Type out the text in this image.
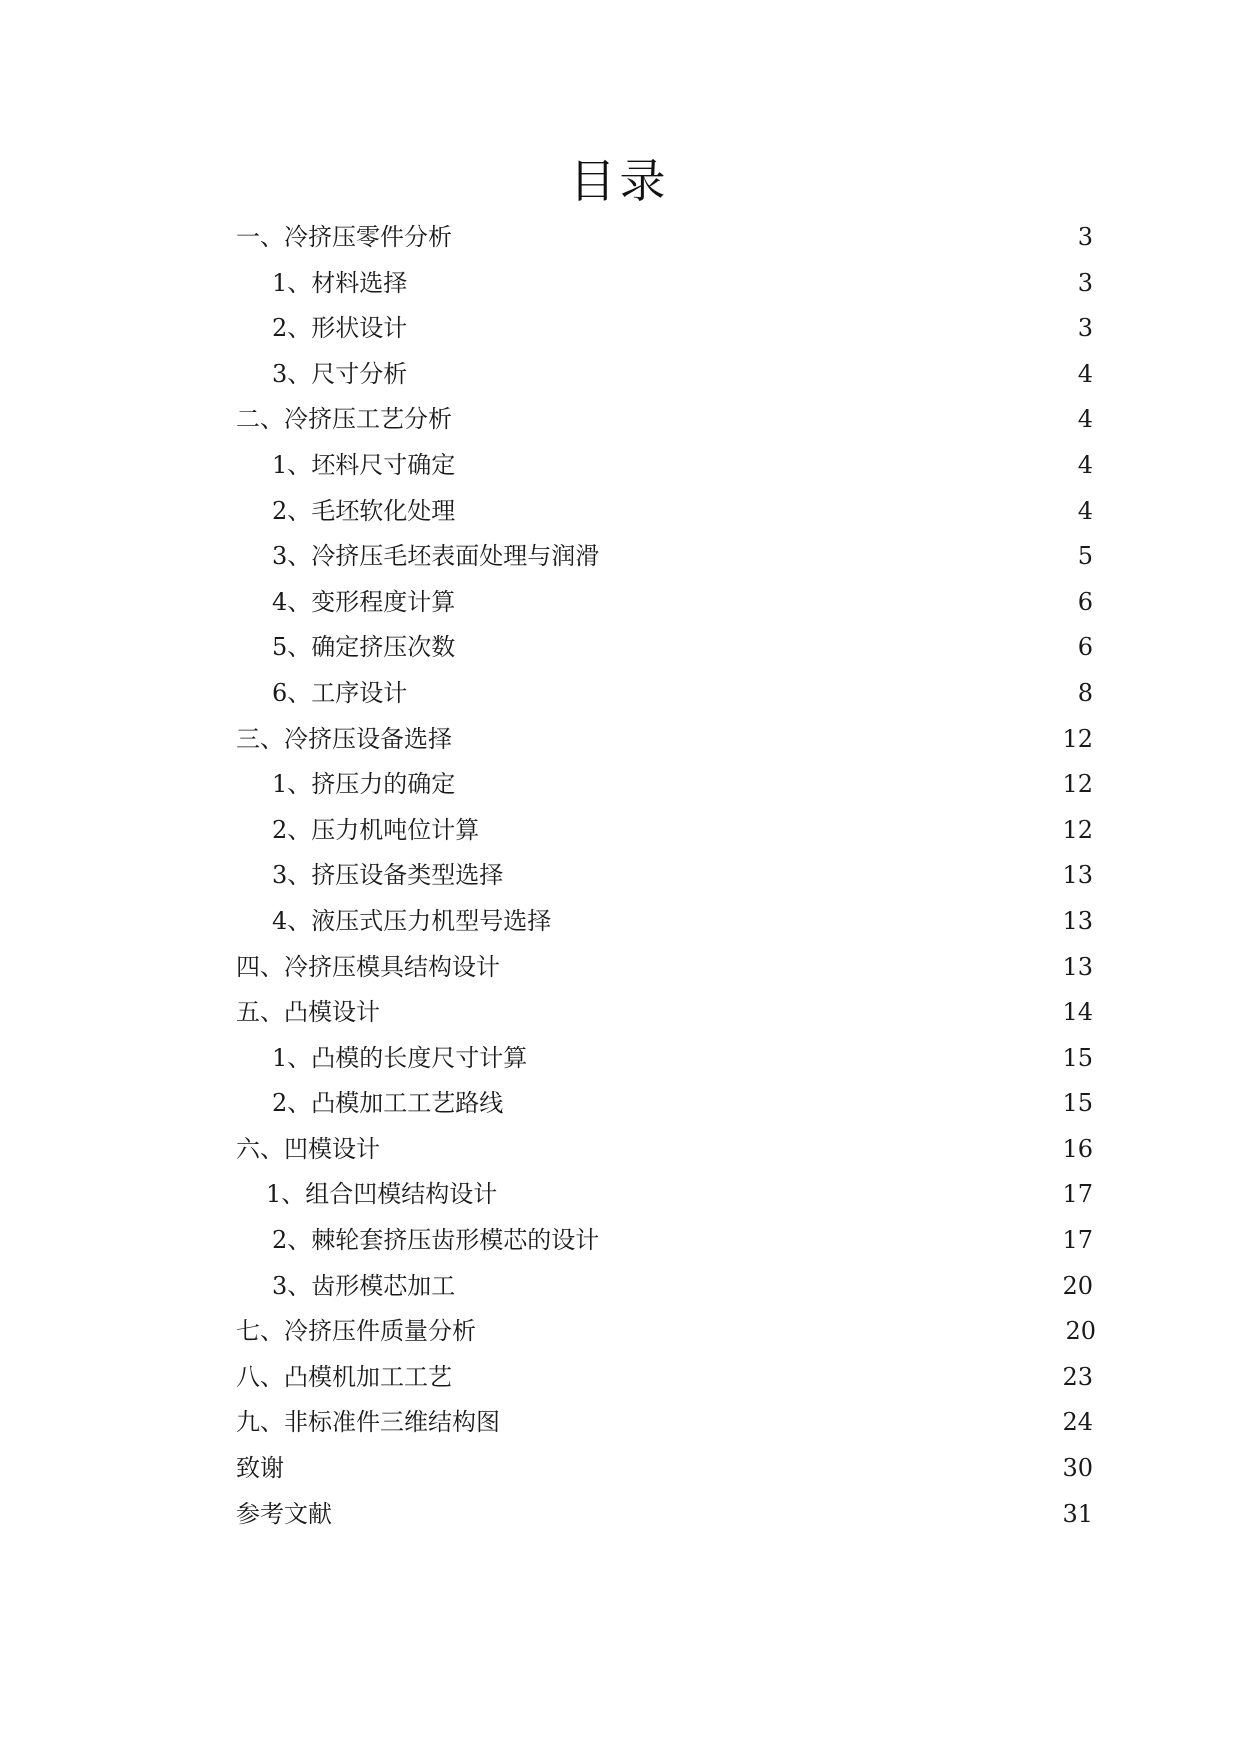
目录
一、冷挤压零件分析	3
1、材料选择	3
2、形状设计	3
3、尺寸分析	4
二、冷挤压工艺分析	4
1、坯料尺寸确定	4
2、毛坯软化处理	4
3、冷挤压毛坯表面处理与润滑	5
4、变形程度计算	6
5、确定挤压次数	6
6、工序设计	8
三、冷挤压设备选择	12
1、挤压力的确定	12
2、压力机吨位计算	12
3、挤压设备类型选择	13
4、液压式压力机型号选择	13
四、冷挤压模具结构设计	13
五、凸模设计	14
1、凸模的长度尺寸计算	15
2、凸模加工工艺路线	15
六、凹模设计	16
1、组合凹模结构设计	17
2、棘轮套挤压齿形模芯的设计	17
3、齿形模芯加工	20
七、冷挤压件质量分析	20
八、凸模机加工工艺	23
九、非标准件三维结构图	24
致谢	30
参考文献	31
